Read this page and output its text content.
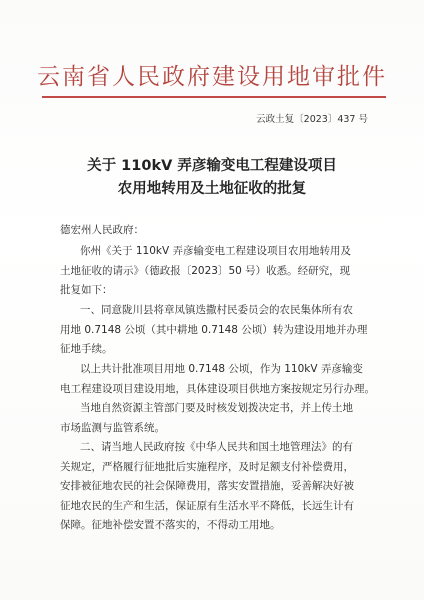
云南省人民政府建设用地审批件
云政土复〔2023〕437 号
关于 110kV 弄彦输变电工程建设项目
农用地转用及土地征收的批复
德宏州人民政府：
你州《关于 110kV 弄彦输变电工程建设项目农用地转用及
土地征收的请示》（德政报〔2023〕50 号）收悉。经研究，现
批复如下：
一、同意陇川县将章凤镇迭撒村民委员会的农民集体所有农
用地 0.7148 公顷（其中耕地 0.7148 公顷）转为建设用地并办理
征地手续。
以上共计批准项目用地 0.7148 公顷，作为 110kV 弄彦输变
电工程建设项目建设用地，具体建设项目供地方案按规定另行办理。
当地自然资源主管部门要及时核发划拨决定书，并上传土地
市场监测与监管系统。
二、请当地人民政府按《中华人民共和国土地管理法》的有
关规定，严格履行征地批后实施程序，及时足额支付补偿费用，
安排被征地农民的社会保障费用，落实安置措施，妥善解决好被
征地农民的生产和生活，保证原有生活水平不降低，长远生计有
保障。征地补偿安置不落实的，不得动工用地。
